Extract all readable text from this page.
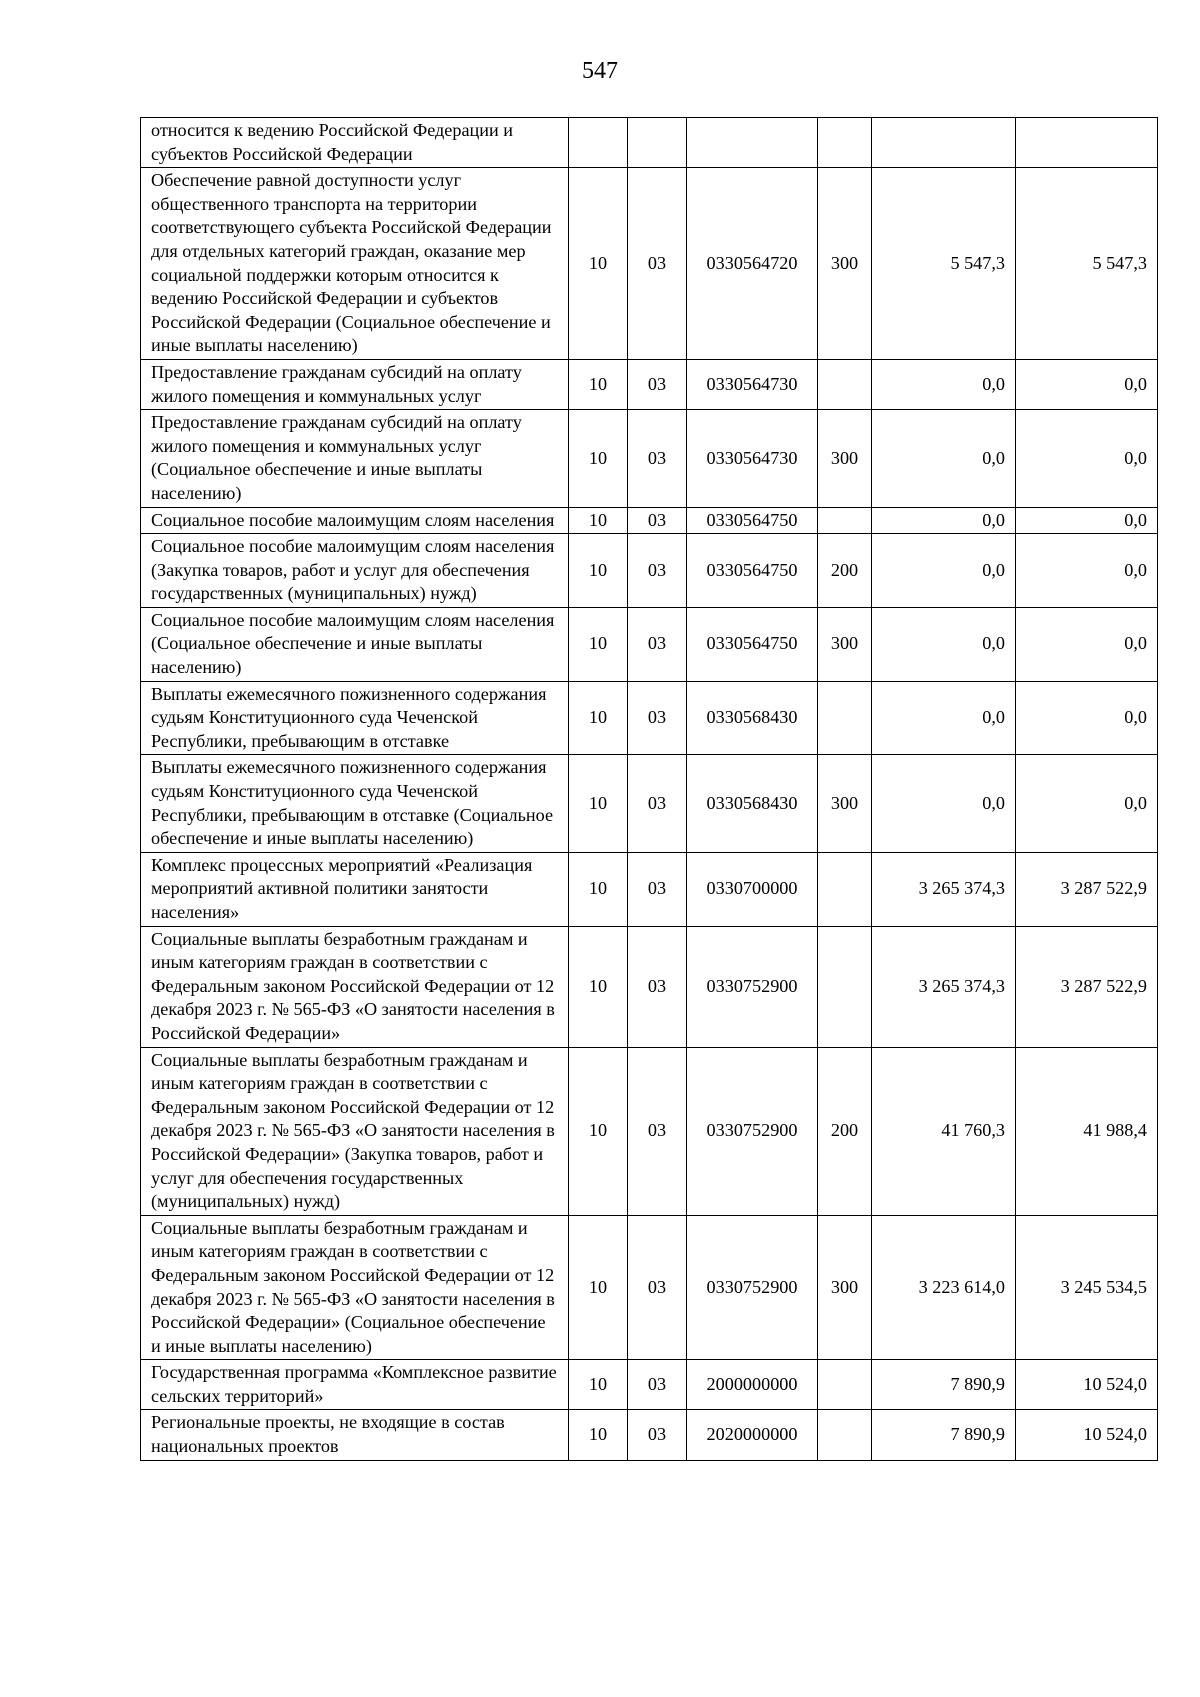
547
относится к ведению Российской Федерации и субъектов Российской Федерации						
Обеспечение равной доступности услуг общественного транспорта на территории соответствующего субъекта Российской Федерации для отдельных категорий граждан, оказание мер социальной поддержки которым относится к ведению Российской Федерации и субъектов Российской Федерации (Социальное обеспечение и иные выплаты населению)	10	03	0330564720	300	5 547,3	5 547,3
Предоставление гражданам субсидий на оплату жилого помещения и коммунальных услуг	10	03	0330564730		0,0	0,0
Предоставление гражданам субсидий на оплату жилого помещения и коммунальных услуг (Социальное обеспечение и иные выплаты населению)	10	03	0330564730	300	0,0	0,0
Социальное пособие малоимущим слоям населения	10	03	0330564750		0,0	0,0
Социальное пособие малоимущим слоям населения (Закупка товаров, работ и услуг для обеспечения государственных (муниципальных) нужд)	10	03	0330564750	200	0,0	0,0
Социальное пособие малоимущим слоям населения (Социальное обеспечение и иные выплаты населению)	10	03	0330564750	300	0,0	0,0
Выплаты ежемесячного пожизненного содержания судьям Конституционного суда Чеченской Республики, пребывающим в отставке	10	03	0330568430		0,0	0,0
Выплаты ежемесячного пожизненного содержания судьям Конституционного суда Чеченской Республики, пребывающим в отставке (Социальное обеспечение и иные выплаты населению)	10	03	0330568430	300	0,0	0,0
Комплекс процессных мероприятий «Реализация мероприятий активной политики занятости населения»	10	03	0330700000		3 265 374,3	3 287 522,9
Социальные выплаты безработным гражданам и иным категориям граждан в соответствии с Федеральным законом Российской Федерации от 12 декабря 2023 г. № 565-ФЗ «О занятости населения в Российской Федерации»	10	03	0330752900		3 265 374,3	3 287 522,9
Социальные выплаты безработным гражданам и иным категориям граждан в соответствии с Федеральным законом Российской Федерации от 12 декабря 2023 г. № 565-ФЗ «О занятости населения в Российской Федерации» (Закупка товаров, работ и услуг для обеспечения государственных (муниципальных) нужд)	10	03	0330752900	200	41 760,3	41 988,4
Социальные выплаты безработным гражданам и иным категориям граждан в соответствии с Федеральным законом Российской Федерации от 12 декабря 2023 г. № 565-ФЗ «О занятости населения в Российской Федерации» (Социальное обеспечение и иные выплаты населению)	10	03	0330752900	300	3 223 614,0	3 245 534,5
Государственная программа «Комплексное развитие сельских территорий»	10	03	2000000000		7 890,9	10 524,0
Региональные проекты, не входящие в состав национальных проектов	10	03	2020000000		7 890,9	10 524,0
